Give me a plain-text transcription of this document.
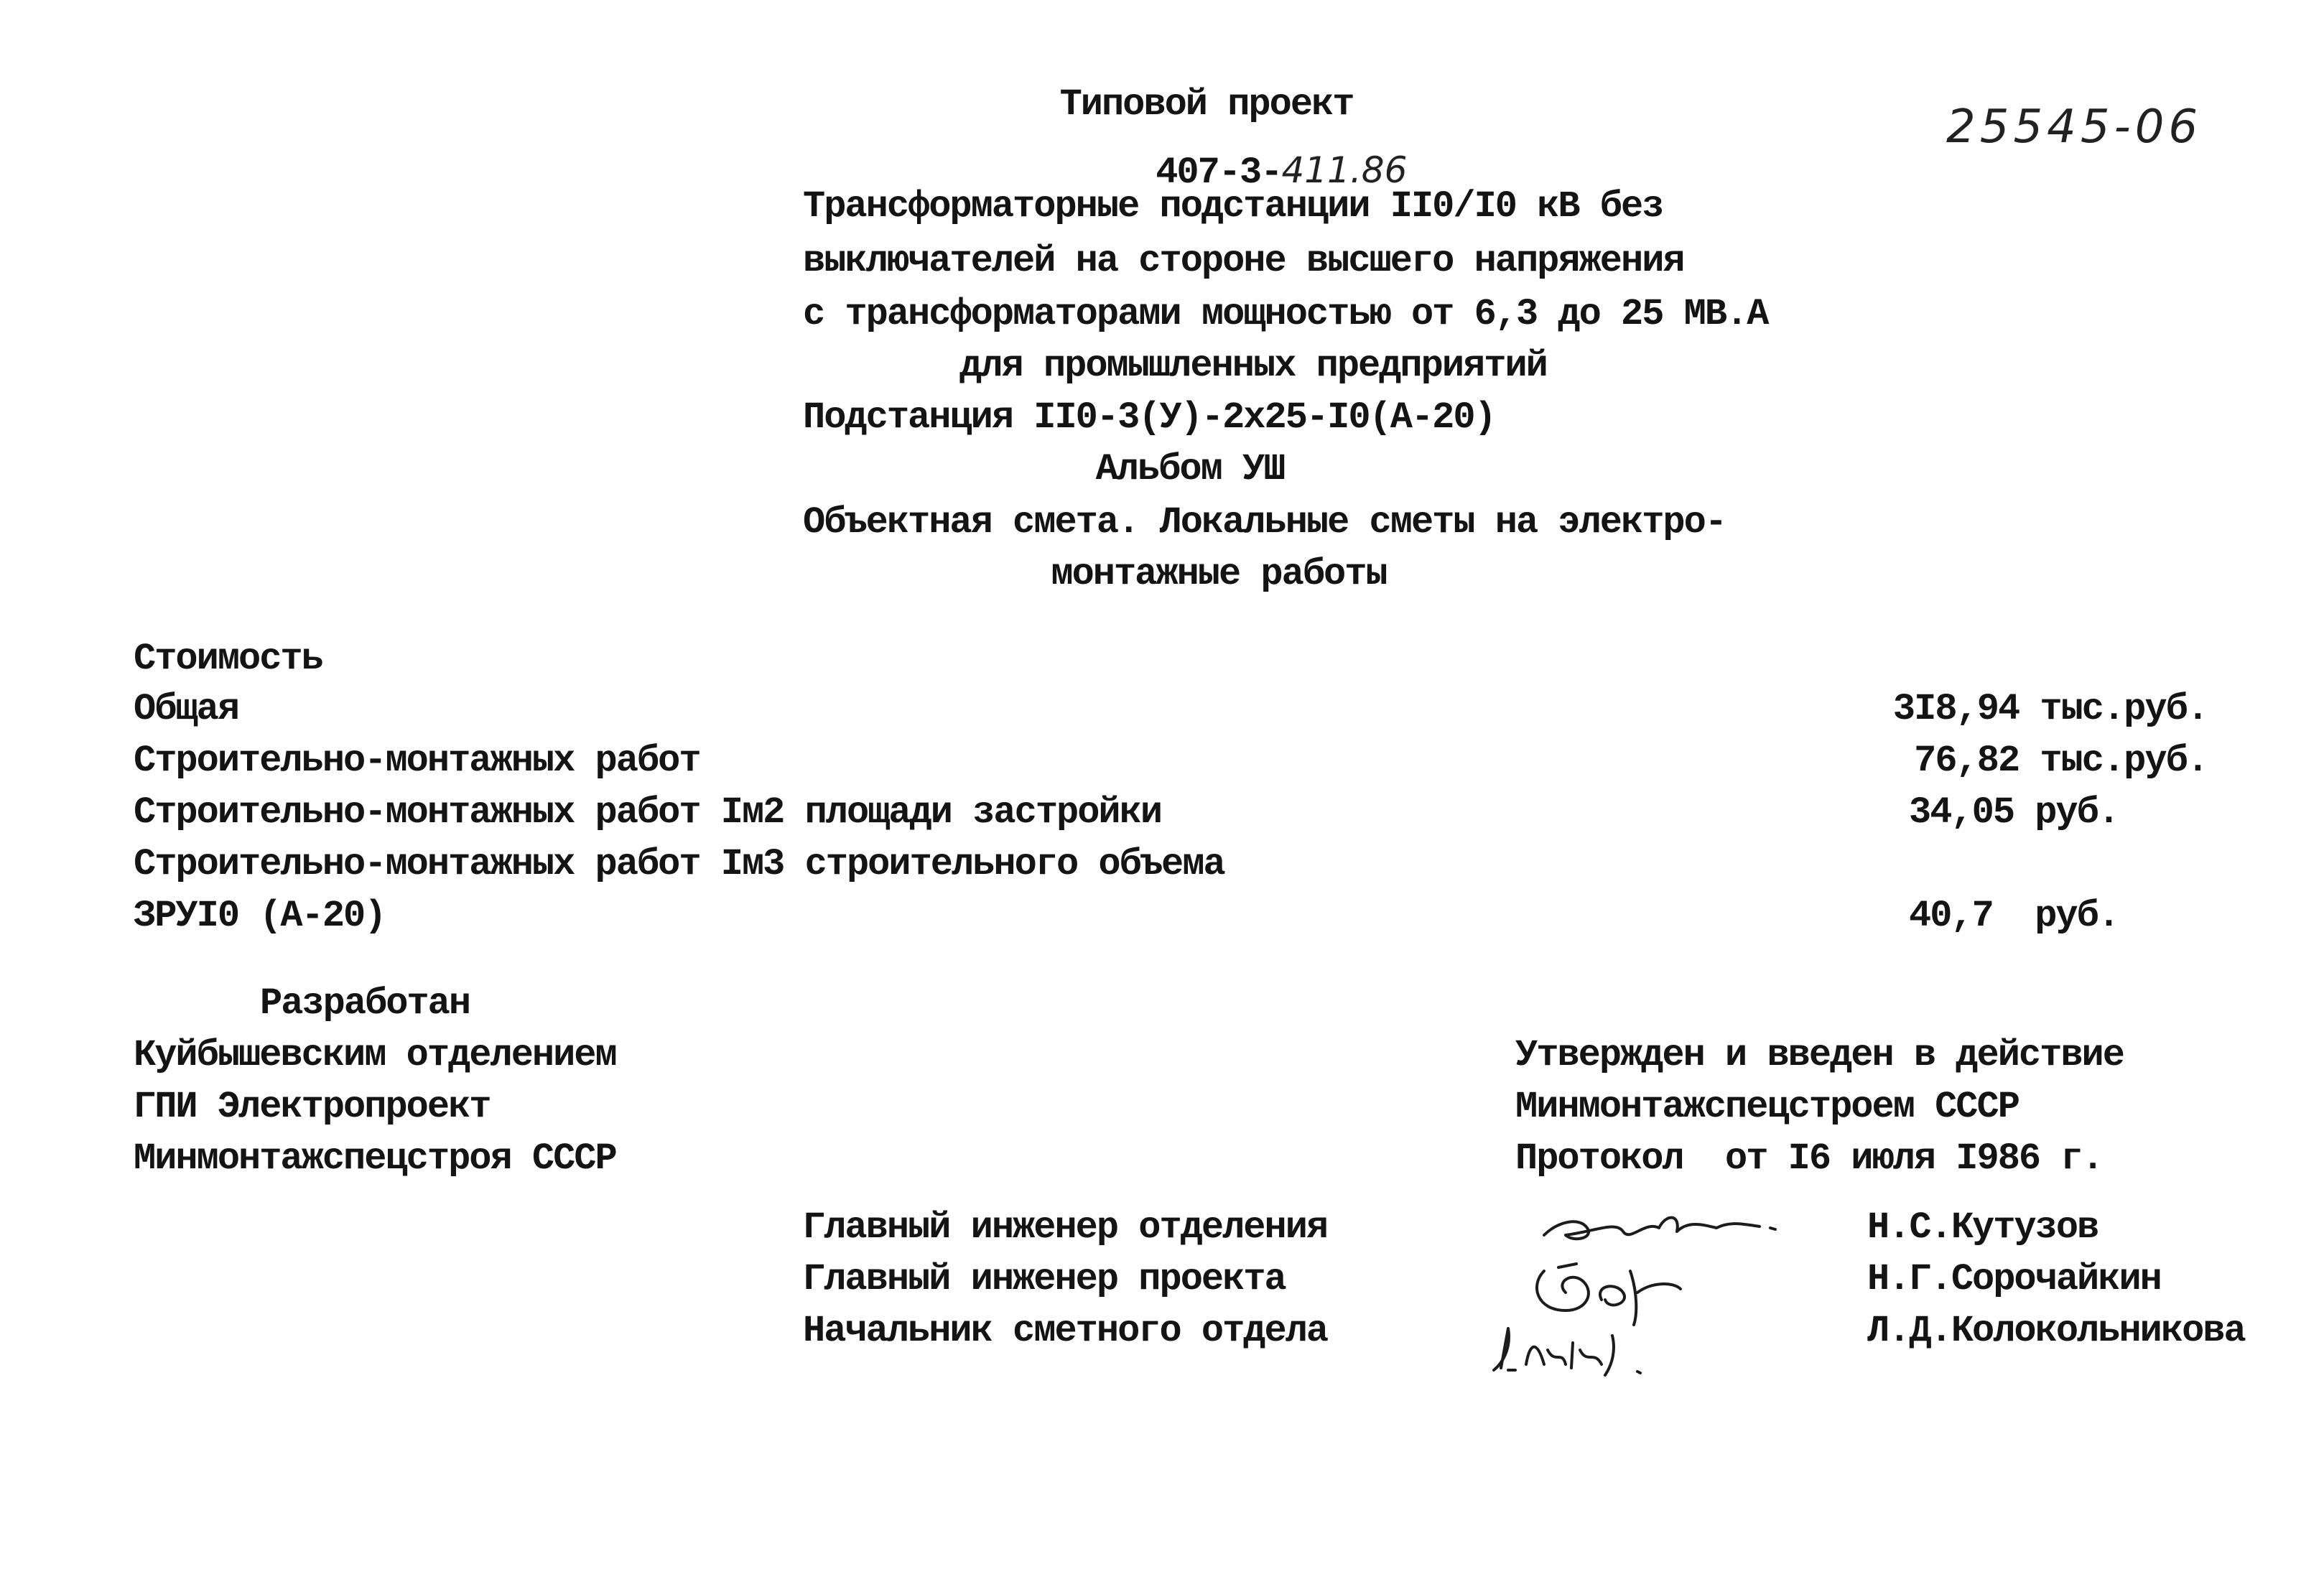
25545-06
Типовой проект

407-3-411.86

Трансформаторные подстанции II0/I0 кВ без
выключателей на стороне высшего напряжения
с трансформаторами мощностью от 6,3 до 25 МВ.А
для промышленных предприятий
Подстанция II0-3(У)-2х25-I0(А-20)
Альбом УШ
Объектная смета. Локальные сметы на электро-
монтажные работы
Стоимость
Общая	3I8,94 тыс.руб.
Строительно-монтажных работ	76,82 тыс.руб.
Строительно-монтажных работ Iм2 площади застройки	34,05 руб.
Строительно-монтажных работ Iм3 строительного объема
ЗРУI0 (А-20)	40,7  руб.
Разработан
Куйбышевским отделением
ГПИ Электропроект
Минмонтажспецстроя СССР
Утвержден и введен в действие
Минмонтажспецстроем СССР
Протокол  от I6 июля I986 г.
Главный инженер отделения	Н.С.Кутузов
Главный инженер проекта	Н.Г.Сорочайкин
Начальник сметного отдела	Л.Д.Колокольникова
